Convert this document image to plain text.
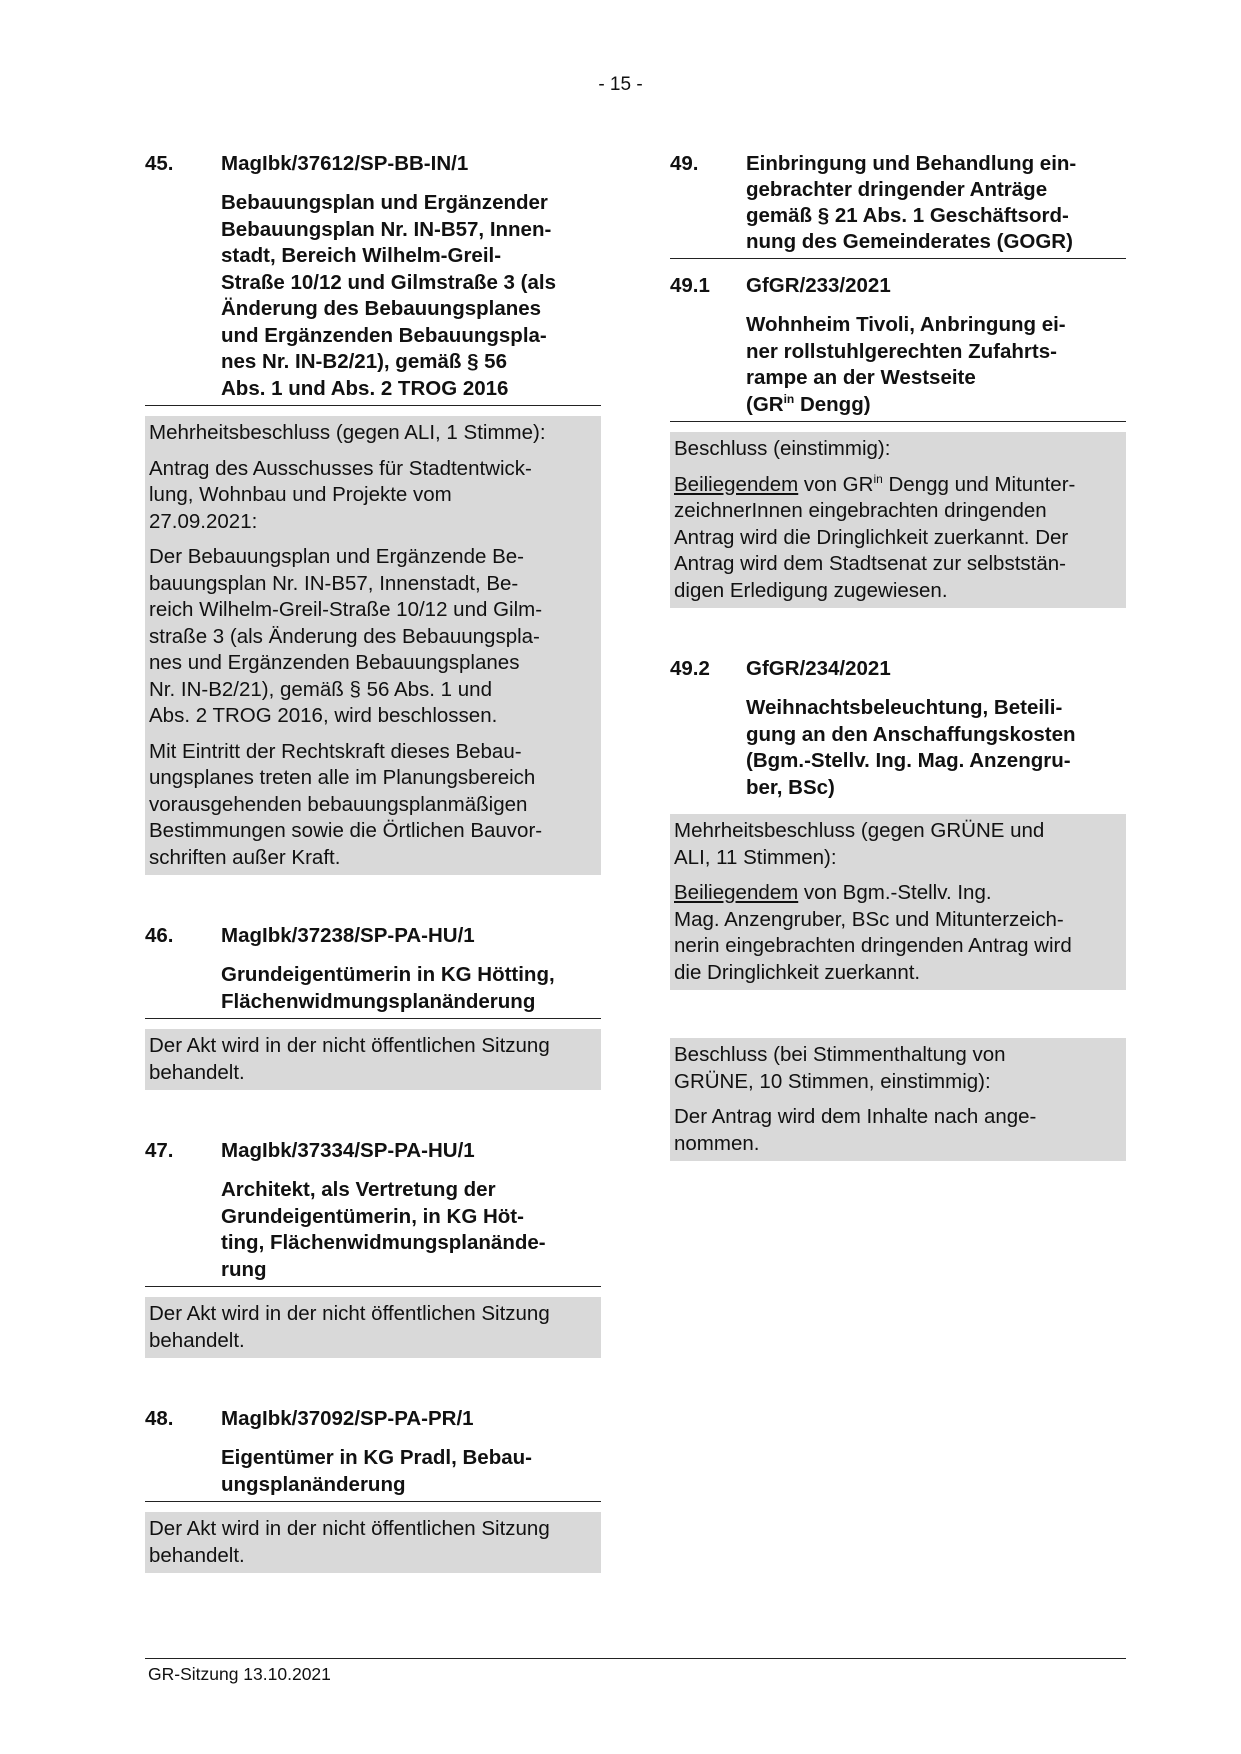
- 15 -
45.	MagIbk/37612/SP-BB-IN/1
Bebauungsplan und Ergänzender
Bebauungsplan Nr. IN-B57, Innen-
stadt, Bereich Wilhelm-Greil-
Straße 10/12 und Gilmstraße 3 (als
Änderung des Bebauungsplanes
und Ergänzenden Bebauungspla-
nes Nr. IN-B2/21), gemäß § 56
Abs. 1 und Abs. 2 TROG 2016

Mehrheitsbeschluss (gegen ALI, 1 Stimme):

Antrag des Ausschusses für Stadtentwick-
lung, Wohnbau und Projekte vom
27.09.2021:

Der Bebauungsplan und Ergänzende Be-
bauungsplan Nr. IN-B57, Innenstadt, Be-
reich Wilhelm-Greil-Straße 10/12 und Gilm-
straße 3 (als Änderung des Bebauungspla-
nes und Ergänzenden Bebauungsplanes
Nr. IN-B2/21), gemäß § 56 Abs. 1 und
Abs. 2 TROG 2016, wird beschlossen.

Mit Eintritt der Rechtskraft dieses Bebau-
ungsplanes treten alle im Planungsbereich
vorausgehenden bebauungsplanmäßigen
Bestimmungen sowie die Örtlichen Bauvor-
schriften außer Kraft.

46.	MagIbk/37238/SP-PA-HU/1
Grundeigentümerin in KG Hötting,
Flächenwidmungsplanänderung

Der Akt wird in der nicht öffentlichen Sitzung
behandelt.

47.	MagIbk/37334/SP-PA-HU/1
Architekt, als Vertretung der
Grundeigentümerin, in KG Höt-
ting, Flächenwidmungsplanände-
rung

Der Akt wird in der nicht öffentlichen Sitzung
behandelt.

48.	MagIbk/37092/SP-PA-PR/1
Eigentümer in KG Pradl, Bebau-
ungsplanänderung

Der Akt wird in der nicht öffentlichen Sitzung
behandelt.

49.	Einbringung und Behandlung ein-
gebrachter dringender Anträge
gemäß § 21 Abs. 1 Geschäftsord-
nung des Gemeinderates (GOGR)
49.1	GfGR/233/2021
Wohnheim Tivoli, Anbringung ei-
ner rollstuhlgerechten Zufahrts-
rampe an der Westseite
($GR^{in}$ Dengg)

Beschluss (einstimmig):

Beiliegendem von $GR^{in}$ Dengg und Mitunter-
zeichnerInnen eingebrachten dringenden
Antrag wird die Dringlichkeit zuerkannt. Der
Antrag wird dem Stadtsenat zur selbststän-
digen Erledigung zugewiesen.

49.2	GfGR/234/2021
Weihnachtsbeleuchtung, Beteili-
gung an den Anschaffungskosten
(Bgm.-Stellv. Ing. Mag. Anzengru-
ber, BSc)

Mehrheitsbeschluss (gegen GRÜNE und
ALI, 11 Stimmen):

Beiliegendem von Bgm.-Stellv. Ing.
Mag. Anzengruber, BSc und Mitunterzeich-
nerin eingebrachten dringenden Antrag wird
die Dringlichkeit zuerkannt.

Beschluss (bei Stimmenthaltung von
GRÜNE, 10 Stimmen, einstimmig):

Der Antrag wird dem Inhalte nach ange-
nommen.

GR-Sitzung 13.10.2021
